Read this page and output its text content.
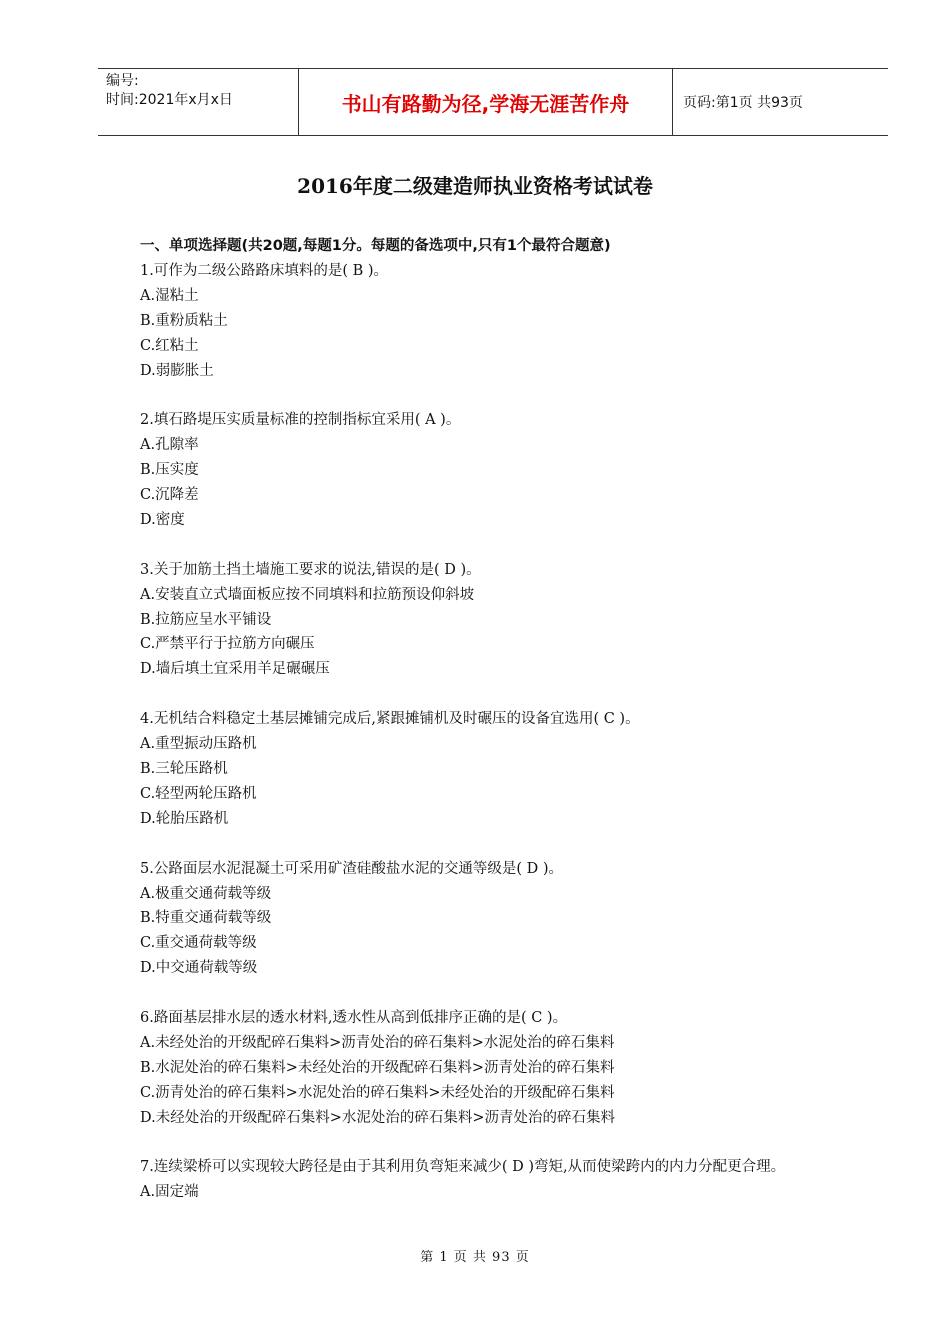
编号:
时间:2021年x月x日	书山有路勤为径,学海无涯苦作舟	页码:第1页 共93页
2016年度二级建造师执业资格考试试卷
一、单项选择题(共20题,每题1分。每题的备选项中,只有1个最符合题意)

1.可作为二级公路路床填料的是( B )。

A.湿粘土

B.重粉质粘土

C.红粘土

D.弱膨胀土

2.填石路堤压实质量标准的控制指标宜采用( A )。

A.孔隙率

B.压实度

C.沉降差

D.密度

3.关于加筋土挡土墙施工要求的说法,错误的是( D )。

A.安装直立式墙面板应按不同填料和拉筋预设仰斜坡

B.拉筋应呈水平铺设

C.严禁平行于拉筋方向碾压

D.墙后填土宜采用羊足碾碾压

4.无机结合料稳定土基层摊铺完成后,紧跟摊铺机及时碾压的设备宜选用( C )。

A.重型振动压路机

B.三轮压路机

C.轻型两轮压路机

D.轮胎压路机

5.公路面层水泥混凝土可采用矿渣硅酸盐水泥的交通等级是( D )。

A.极重交通荷载等级

B.特重交通荷载等级

C.重交通荷载等级

D.中交通荷载等级

6.路面基层排水层的透水材料,透水性从高到低排序正确的是( C )。

A.未经处治的开级配碎石集料>沥青处治的碎石集料>水泥处治的碎石集料

B.水泥处治的碎石集料>未经处治的开级配碎石集料>沥青处治的碎石集料

C.沥青处治的碎石集料>水泥处治的碎石集料>未经处治的开级配碎石集料

D.未经处治的开级配碎石集料>水泥处治的碎石集料>沥青处治的碎石集料

7.连续梁桥可以实现较大跨径是由于其利用负弯矩来减少( D )弯矩,从而使梁跨内的内力分配更合理。

A.固定端

第 1 页 共 93 页
